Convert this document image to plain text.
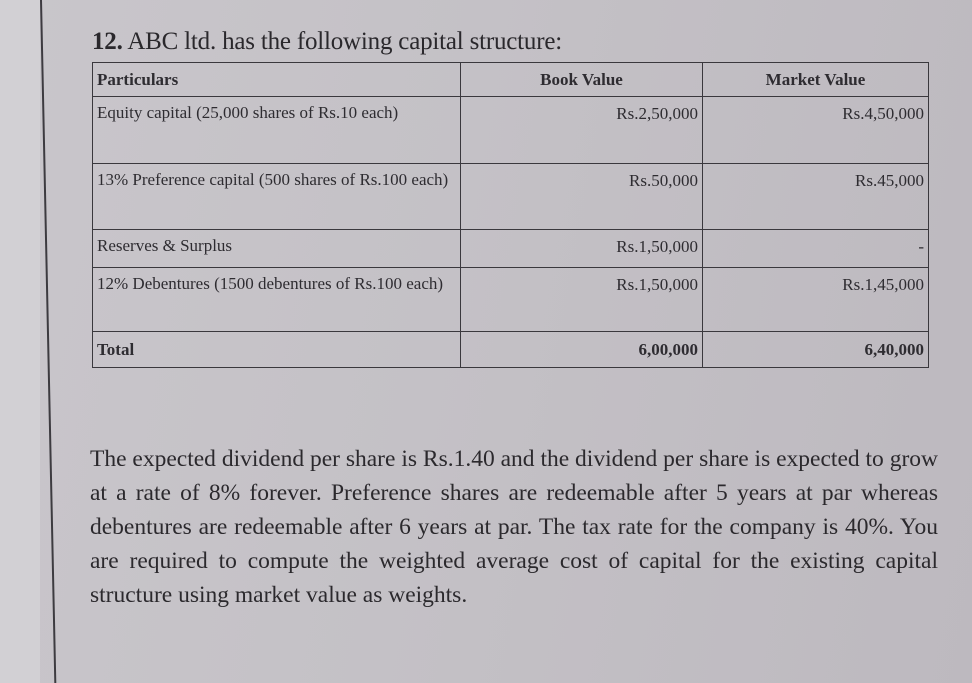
12. ABC ltd. has the following capital structure:
Particulars	Book Value	Market Value
Equity capital (25,000 shares of Rs.10 each)	Rs.2,50,000	Rs.4,50,000
13% Preference capital (500 shares of Rs.100 each)	Rs.50,000	Rs.45,000
Reserves & Surplus	Rs.1,50,000	-
12% Debentures (1500 debentures of Rs.100 each)	Rs.1,50,000	Rs.1,45,000
Total	6,00,000	6,40,000

The expected dividend per share is Rs.1.40 and the dividend per share is expected to grow at a rate of 8% forever. Preference shares are redeemable after 5 years at par whereas debentures are redeemable after 6 years at par. The tax rate for the company is 40%. You are required to compute the weighted average cost of capital for the existing capital structure using market value as weights.
